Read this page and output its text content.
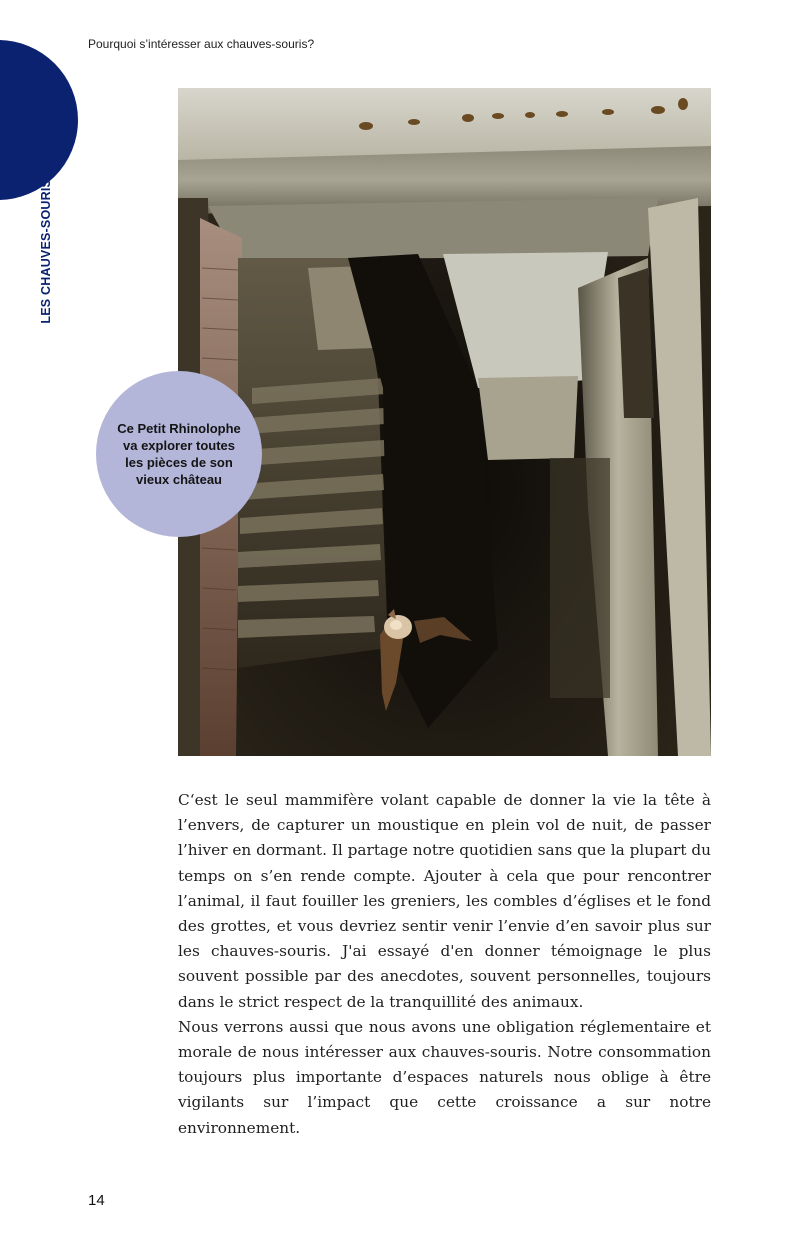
LES CHAUVES-SOURIS EN QUESTIONS
Pourquoi s’intéresser aux chauves-souris?
Ce Petit Rhinolophe va explorer toutes les pièces de son vieux château

C‘est le seul mammifère volant capable de donner la vie la tête à l’envers, de capturer un moustique en plein vol de nuit, de passer l’hiver en dormant. Il partage notre quotidien sans que la plupart du temps on s’en rende compte. Ajouter à cela que pour rencontrer l’animal, il faut fouiller les greniers, les combles d’églises et le fond des grottes, et vous devriez sentir venir l’envie d’en savoir plus sur les chauves-souris. J'ai essayé d'en donner témoignage le plus souvent possible par des anecdotes, souvent personnelles, toujours dans le strict respect de la tranquillité des animaux.

Nous verrons aussi que nous avons une obligation réglementaire et morale de nous intéresser aux chauves-souris. Notre consommation toujours plus importante d’espaces naturels nous oblige à être vigilants sur l’impact que cette croissance a sur notre environnement.

14
